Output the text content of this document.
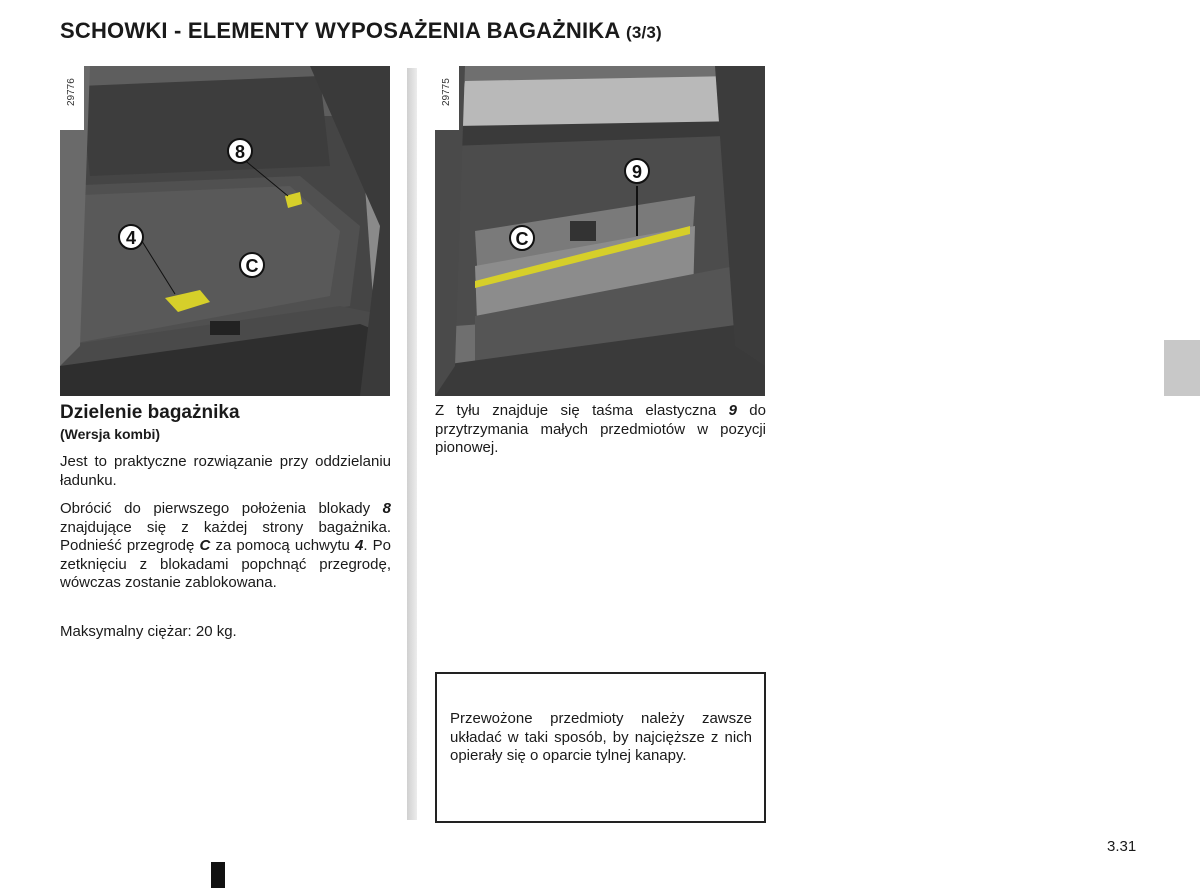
SCHOWKI - ELEMENTY WYPOSAŻENIA BAGAŻNIKA (3/3)
29776
8
4
C
29775
9
C
Dzielenie bagażnika
(Wersja kombi)

Jest to praktyczne rozwiązanie przy oddzielaniu ładunku.

Obrócić do pierwszego położenia blokady 8 znajdujące się z każdej strony bagażnika. Podnieść przegrodę C za pomocą uchwytu 4. Po zetknięciu z blokadami popchnąć przegrodę, wówczas zostanie zablokowana.

Maksymalny ciężar: 20 kg.

Z tyłu znajduje się taśma elastyczna 9 do przytrzymania małych przedmiotów w pozycji pionowej.

Przewożone przedmioty należy zawsze układać w taki sposób, by najcięższe z nich opierały się o oparcie tylnej kanapy.

3.31
